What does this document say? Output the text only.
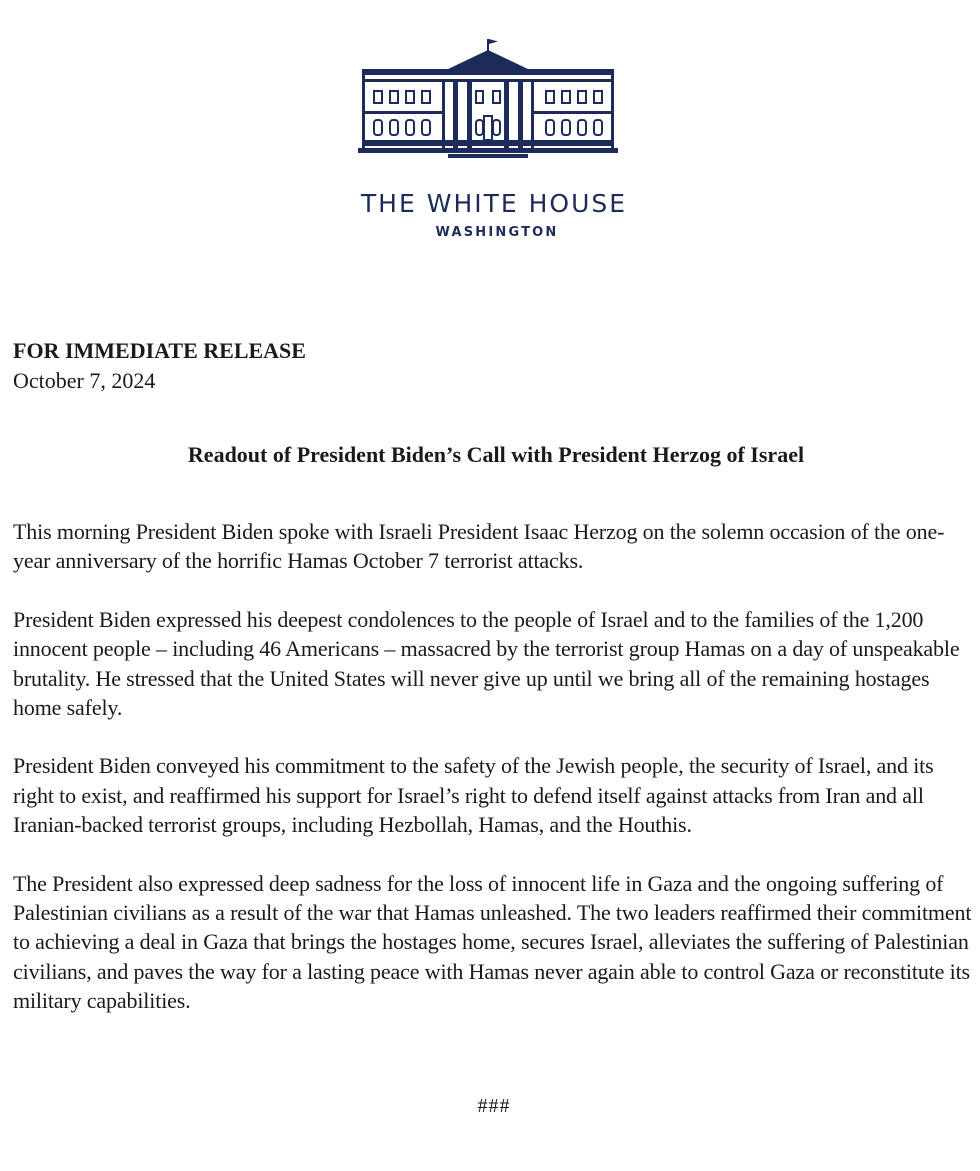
THE WHITE HOUSE
WASHINGTON
FOR IMMEDIATE RELEASE
October 7, 2024
Readout of President Biden’s Call with President Herzog of Israel

This morning President Biden spoke with Israeli President Isaac Herzog on the solemn occasion of the one-year anniversary of the horrific Hamas October 7 terrorist attacks.

President Biden expressed his deepest condolences to the people of Israel and to the families of the 1,200 innocent people – including 46 Americans – massacred by the terrorist group Hamas on a day of unspeakable brutality. He stressed that the United States will never give up until we bring all of the remaining hostages home safely.

President Biden conveyed his commitment to the safety of the Jewish people, the security of Israel, and its right to exist, and reaffirmed his support for Israel’s right to defend itself against attacks from Iran and all Iranian-backed terrorist groups, including Hezbollah, Hamas, and the Houthis.

The President also expressed deep sadness for the loss of innocent life in Gaza and the ongoing suffering of Palestinian civilians as a result of the war that Hamas unleashed. The two leaders reaffirmed their commitment to achieving a deal in Gaza that brings the hostages home, secures Israel, alleviates the suffering of Palestinian civilians, and paves the way for a lasting peace with Hamas never again able to control Gaza or reconstitute its military capabilities.

###
